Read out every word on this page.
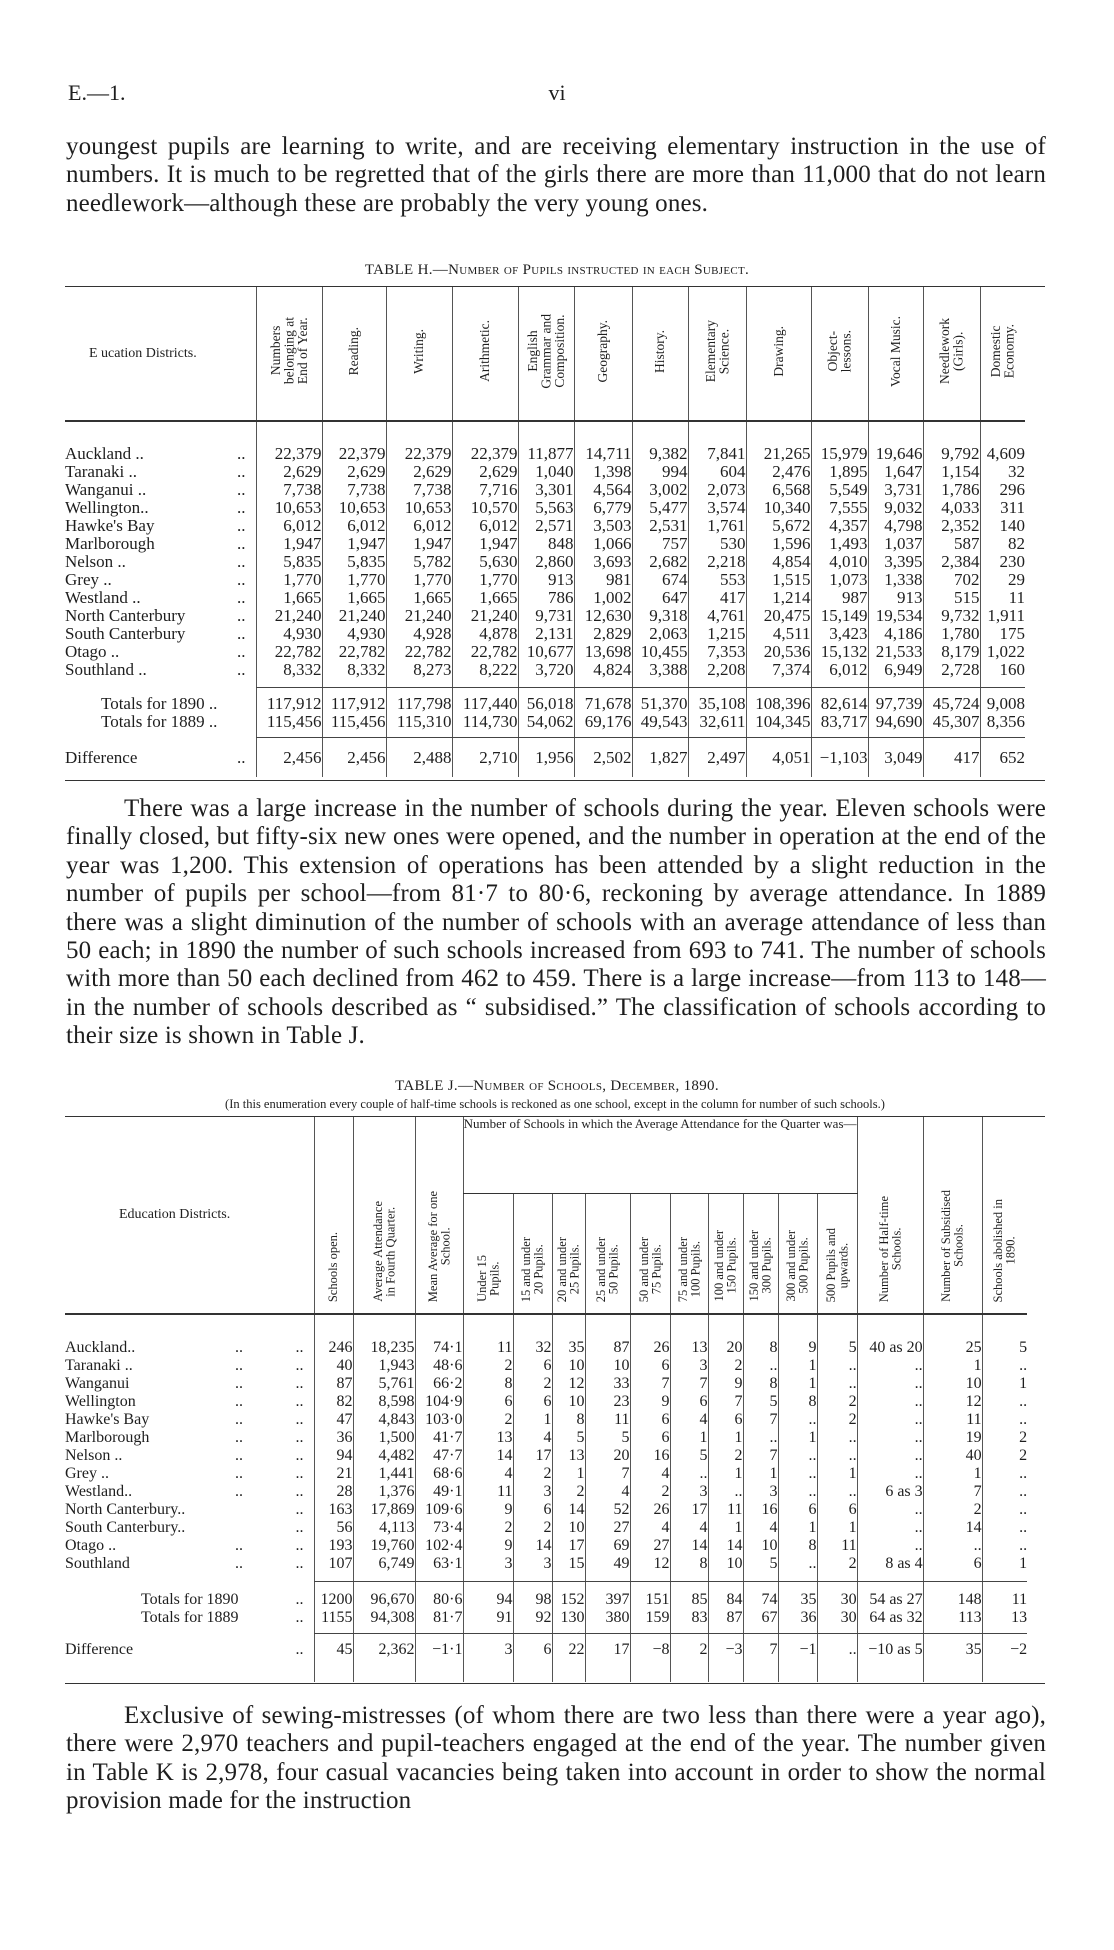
E.—1.	vi

youngest pupils are learning to write, and are receiving elementary instruction in the use of numbers. It is much to be regretted that of the girls there are more than 11,000 that do not learn needlework—although these are probably the very young ones.

TABLE H.—Number of Pupils instructed in each Subject.
E ucation Districts.	Numbers
belonging at
End of Year.	Reading.	Writing.	Arithmetic.	English
Grammar and
Composition.	Geography.	History.	Elementary
Science.	Drawing.	Object-
lessons.	Vocal Music.	Needlework
(Girls).	Domestic
Economy.

Auckland .. ..	22,379	22,379	22,379	22,379	11,877	14,711	9,382	7,841	21,265	15,979	19,646	9,792	4,609
Taranaki .. ..	2,629	2,629	2,629	2,629	1,040	1,398	994	604	2,476	1,895	1,647	1,154	32
Wanganui .. ..	7,738	7,738	7,738	7,716	3,301	4,564	3,002	2,073	6,568	5,549	3,731	1,786	296
Wellington.. ..	10,653	10,653	10,653	10,570	5,563	6,779	5,477	3,574	10,340	7,555	9,032	4,033	311
Hawke's Bay ..	6,012	6,012	6,012	6,012	2,571	3,503	2,531	1,761	5,672	4,357	4,798	2,352	140
Marlborough ..	1,947	1,947	1,947	1,947	848	1,066	757	530	1,596	1,493	1,037	587	82
Nelson .. ..	5,835	5,835	5,782	5,630	2,860	3,693	2,682	2,218	4,854	4,010	3,395	2,384	230
Grey .. ..	1,770	1,770	1,770	1,770	913	981	674	553	1,515	1,073	1,338	702	29
Westland .. ..	1,665	1,665	1,665	1,665	786	1,002	647	417	1,214	987	913	515	11
North Canterbury ..	21,240	21,240	21,240	21,240	9,731	12,630	9,318	4,761	20,475	15,149	19,534	9,732	1,911
South Canterbury ..	4,930	4,930	4,928	4,878	2,131	2,829	2,063	1,215	4,511	3,423	4,186	1,780	175
Otago .. ..	22,782	22,782	22,782	22,782	10,677	13,698	10,455	7,353	20,536	15,132	21,533	8,179	1,022
Southland .. ..	8,332	8,332	8,273	8,222	3,720	4,824	3,388	2,208	7,374	6,012	6,949	2,728	160

Totals for 1890 ..	117,912	117,912	117,798	117,440	56,018	71,678	51,370	35,108	108,396	82,614	97,739	45,724	9,008
Totals for 1889 ..	115,456	115,456	115,310	114,730	54,062	69,176	49,543	32,611	104,345	83,717	94,690	45,307	8,356

Difference ..	2,456	2,456	2,488	2,710	1,956	2,502	1,827	2,497	4,051	−1,103	3,049	417	652

There was a large increase in the number of schools during the year. Eleven schools were finally closed, but fifty-six new ones were opened, and the number in operation at the end of the year was 1,200. This extension of operations has been attended by a slight reduction in the number of pupils per school—from 81·7 to 80·6, reckoning by average attendance. In 1889 there was a slight diminution of the number of schools with an average attendance of less than 50 each; in 1890 the number of such schools increased from 693 to 741. The number of schools with more than 50 each declined from 462 to 459. There is a large increase—from 113 to 148—in the number of schools described as “ subsidised.” The classification of schools according to their size is shown in Table J.

TABLE J.—Number of Schools, December, 1890.
(In this enumeration every couple of half-time schools is reckoned as one school, except in the column for number of such schools.)
Education Districts.	Schools open.	Average Attendance
in Fourth Quarter.	Mean Average for one
School.	Number of Schools in which the Average Attendance for the Quarter was—										Number of Half-time
Schools.	Number of Subsidised
Schools.	Schools abolished in
1890.
				Under 15
Pupils.	15 and under
20 Pupils.	20 and under
25 Pupils.	25 and under
50 Pupils.	50 and under
75 Pupils.	75 and under
100 Pupils.	100 and under
150 Pupils.	150 and under
300 Pupils.	300 and under
500 Pupils.	500 Pupils and
upwards.			

Auckland.. .. ..	246	18,235	74·1	11	32	35	87	26	13	20	8	9	5	40 as 20	25	5
Taranaki .. .. ..	40	1,943	48·6	2	6	10	10	6	3	2	..	1	..	..	1	..
Wanganui .. ..	87	5,761	66·2	8	2	12	33	7	7	9	8	1	..	..	10	1
Wellington .. ..	82	8,598	104·9	6	6	10	23	9	6	7	5	8	2	..	12	..
Hawke's Bay .. ..	47	4,843	103·0	2	1	8	11	6	4	6	7	..	2	..	11	..
Marlborough .. ..	36	1,500	41·7	13	4	5	5	6	1	1	..	1	..	..	19	2
Nelson .. .. ..	94	4,482	47·7	14	17	13	20	16	5	2	7	..	..	..	40	2
Grey .. .. ..	21	1,441	68·6	4	2	1	7	4	..	1	1	..	1	..	1	..
Westland.. .. ..	28	1,376	49·1	11	3	2	4	2	3	..	3	..	..	6 as 3	7	..
North Canterbury.. ..	163	17,869	109·6	9	6	14	52	26	17	11	16	6	6	..	2	..
South Canterbury.. ..	56	4,113	73·4	2	2	10	27	4	4	1	4	1	1	..	14	..
Otago .. .. ..	193	19,760	102·4	9	14	17	69	27	14	14	10	8	11	..	..	..
Southland .. ..	107	6,749	63·1	3	3	15	49	12	8	10	5	..	2	8 as 4	6	1

Totals for 1890 ..	1200	96,670	80·6	94	98	152	397	151	85	84	74	35	30	54 as 27	148	11
Totals for 1889 ..	1155	94,308	81·7	91	92	130	380	159	83	87	67	36	30	64 as 32	113	13

Difference ..	45	2,362	−1·1	3	6	22	17	−8	2	−3	7	−1	..	−10 as 5	35	−2

Exclusive of sewing-mistresses (of whom there are two less than there were a year ago), there were 2,970 teachers and pupil-teachers engaged at the end of the year. The number given in Table K is 2,978, four casual vacancies being taken into account in order to show the normal provision made for the instruction
